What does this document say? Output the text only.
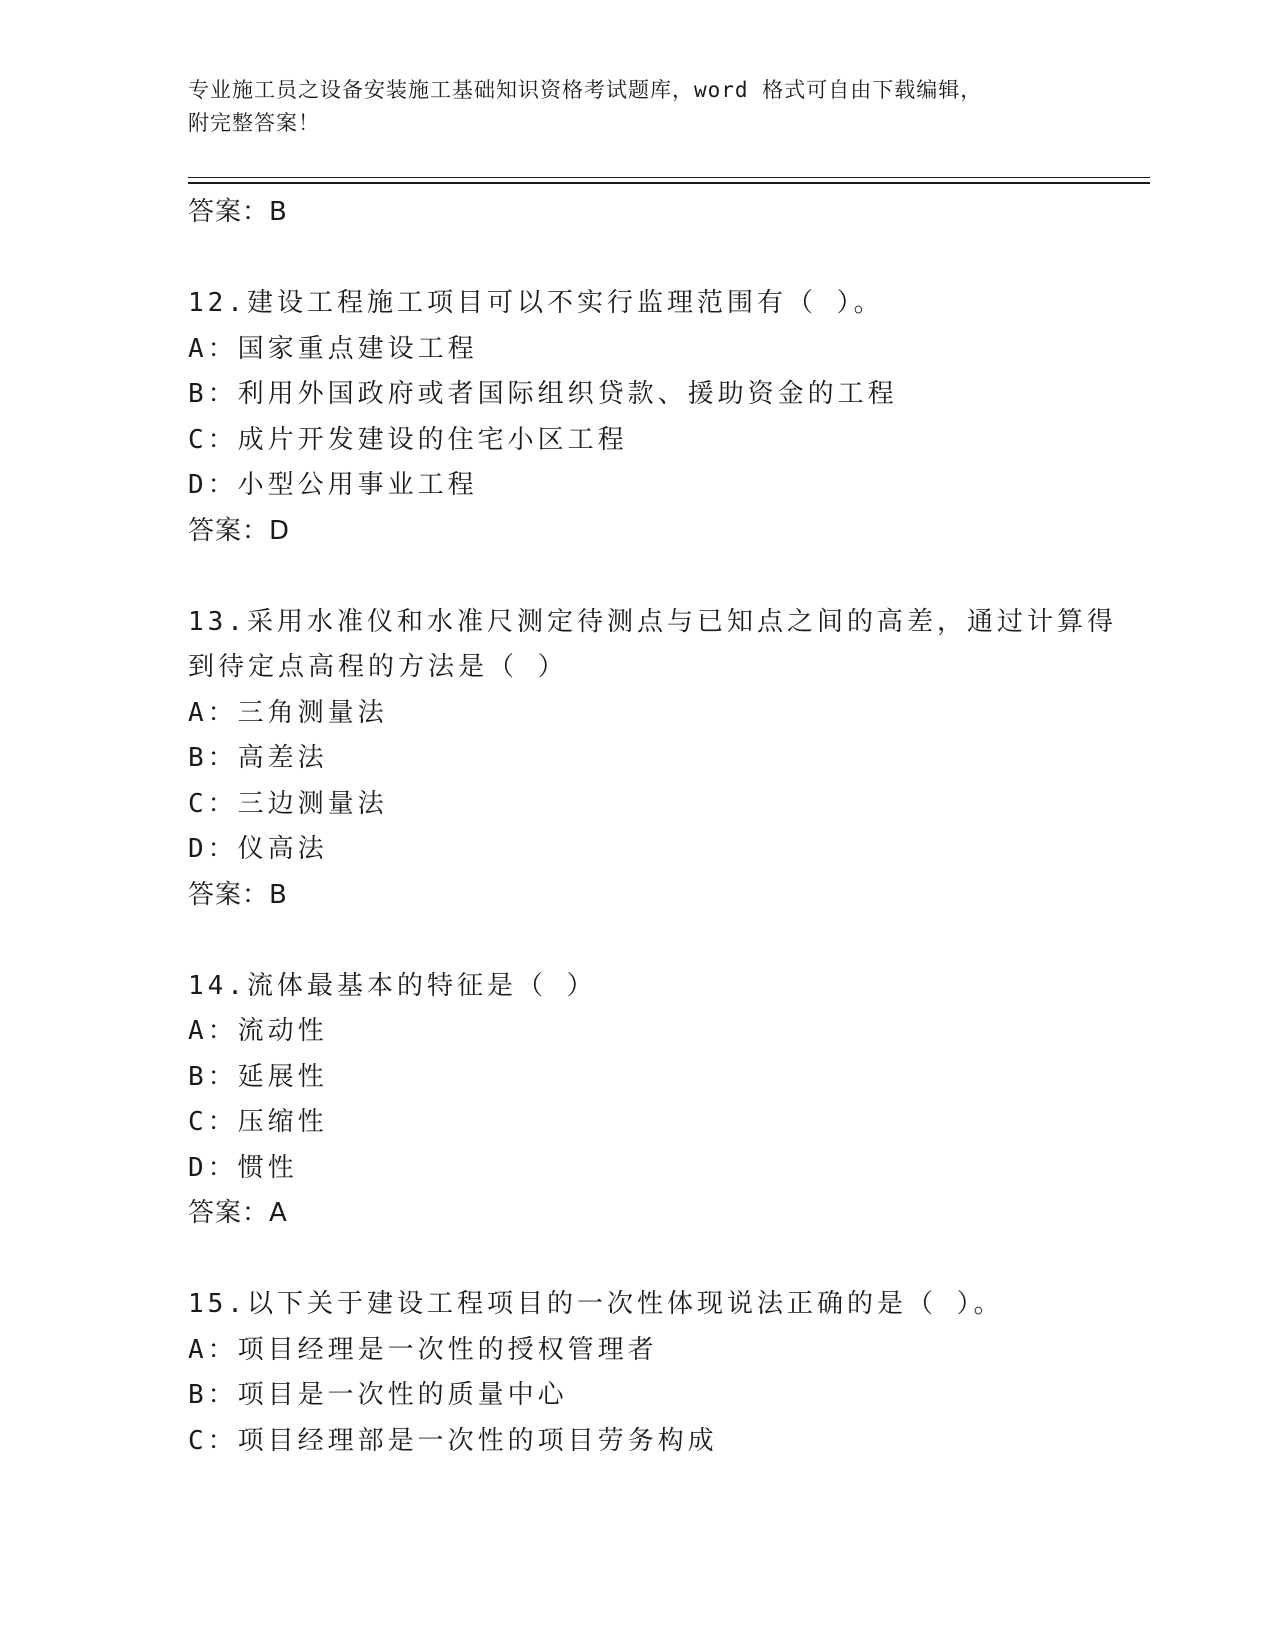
专业施工员之设备安装施工基础知识资格考试题库，word 格式可自由下载编辑，
附完整答案！
答案：B
12.建设工程施工项目可以不实行监理范围有（ ）。
A：国家重点建设工程
B：利用外国政府或者国际组织贷款、援助资金的工程
C：成片开发建设的住宅小区工程
D：小型公用事业工程
答案：D
13.采用水准仪和水准尺测定待测点与已知点之间的高差，通过计算得
到待定点高程的方法是（ ）
A：三角测量法
B：高差法
C：三边测量法
D：仪高法
答案：B
14.流体最基本的特征是（ ）
A：流动性
B：延展性
C：压缩性
D：惯性
答案：A
15.以下关于建设工程项目的一次性体现说法正确的是（ ）。
A：项目经理是一次性的授权管理者
B：项目是一次性的质量中心
C：项目经理部是一次性的项目劳务构成
